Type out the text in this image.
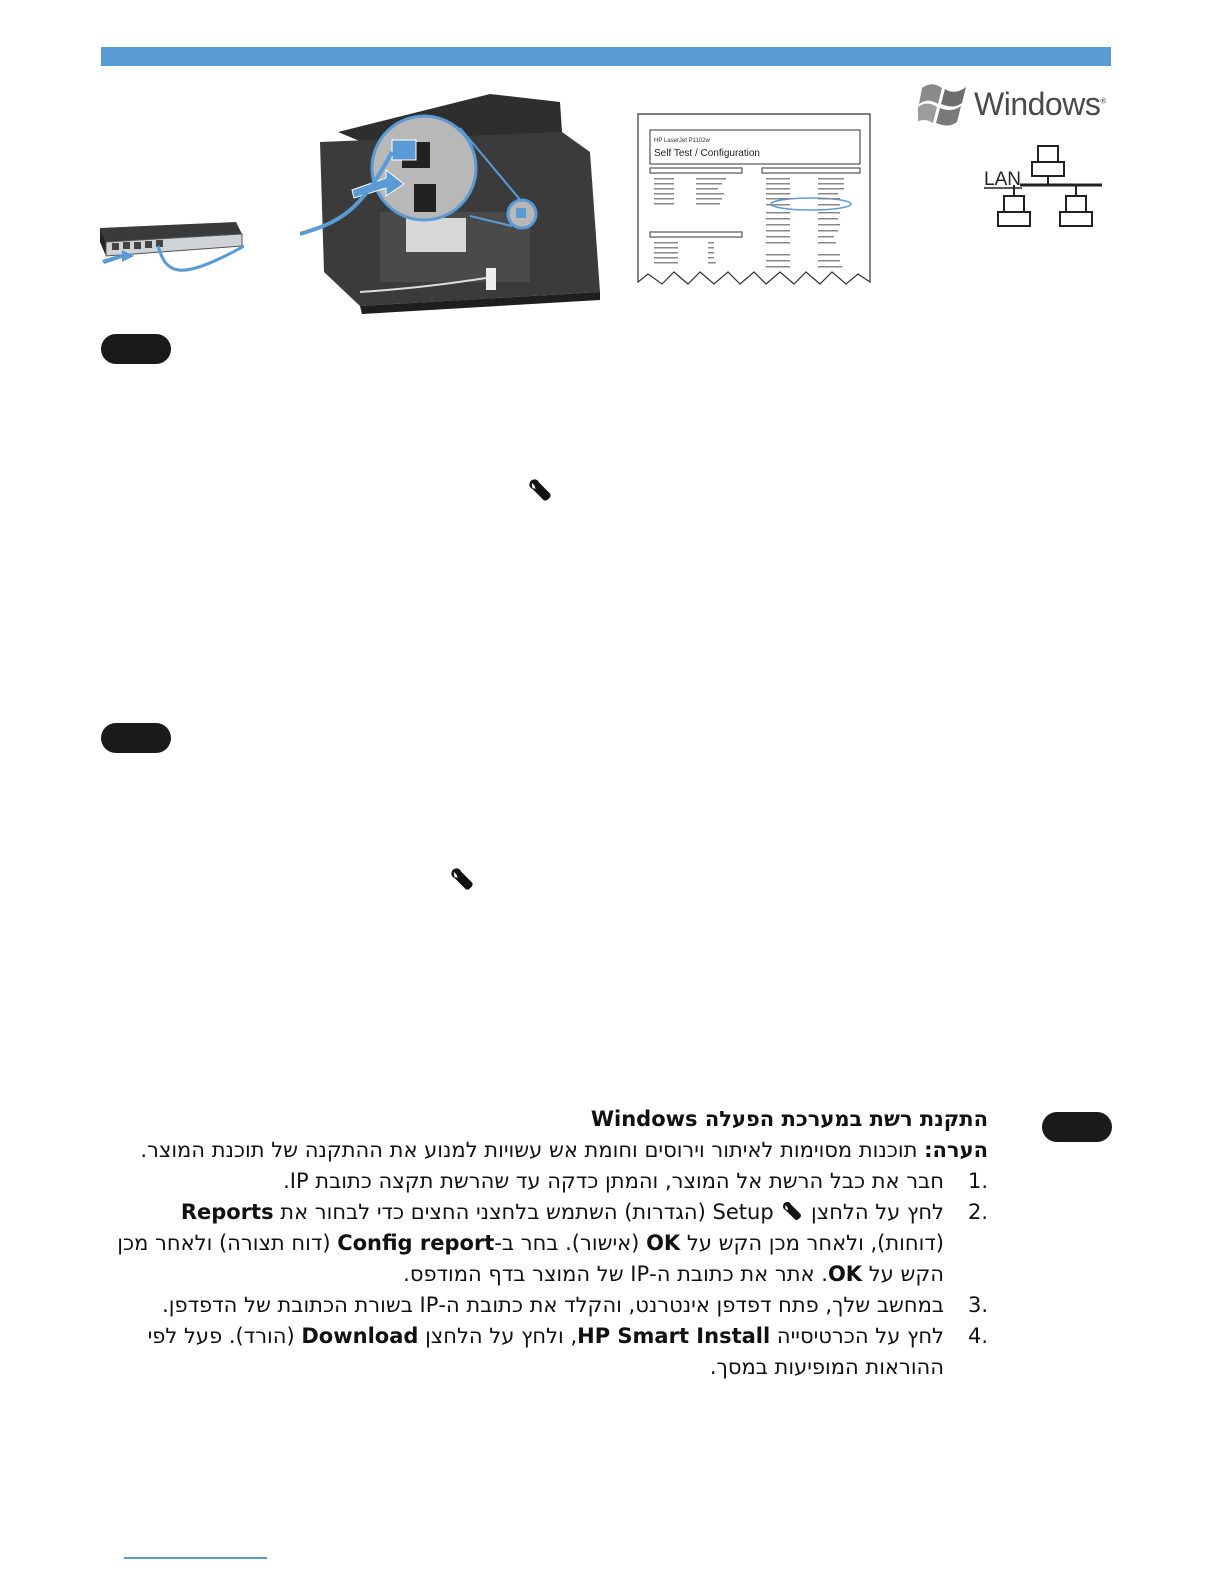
HP LaserJet P1102w
Self Test / Configuration
Windows®
LAN
התקנת רשת במערכת הפעלה Windows
הערה: תוכנות מסוימות לאיתור וירוסים וחומת אש עשויות למנוע את ההתקנה של תוכנת המוצר.
1.
חבר את כבל הרשת אל המוצר, והמתן כדקה עד שהרשת תקצה כתובת IP.
2.
לחץ על הלחצן  Setup (הגדרות) השתמש בלחצני החצים כדי לבחור את Reports (דוחות), ולאחר מכן הקש על OK (אישור). בחר ב-Config report (דוח תצורה) ולאחר מכן הקש על OK. אתר את כתובת ה-IP של המוצר בדף המודפס.
3.
במחשב שלך, פתח דפדפן אינטרנט, והקלד את כתובת ה-IP בשורת הכתובת של הדפדפן.
4.
לחץ על הכרטיסייה HP Smart Install, ולחץ על הלחצן Download (הורד). פעל לפי ההוראות המופיעות במסך.
